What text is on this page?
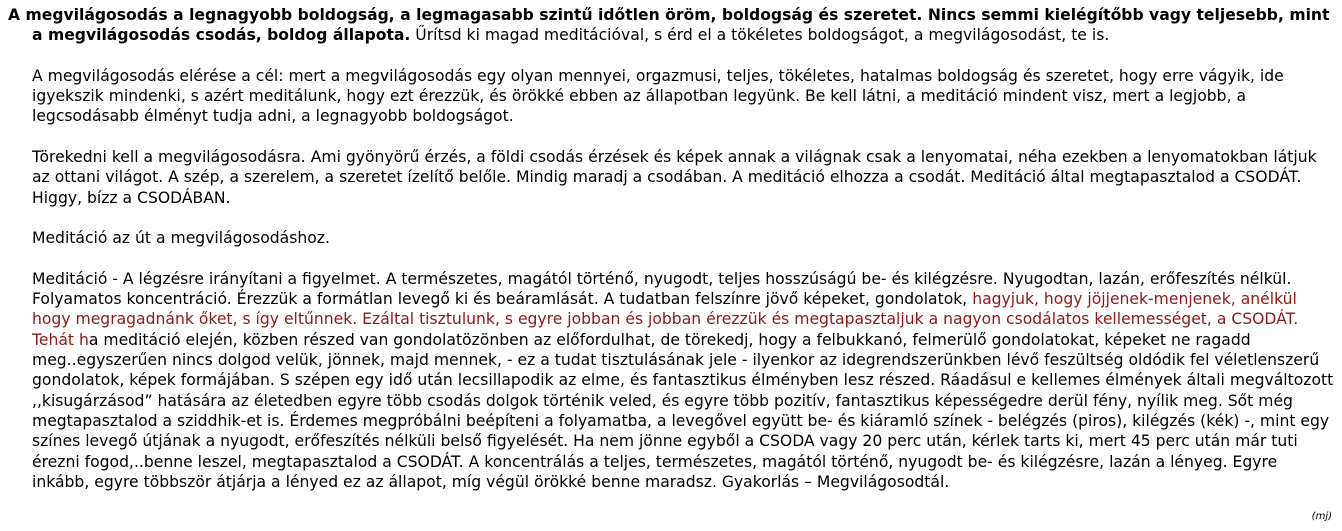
A megvilágosodás a legnagyobb boldogság, a legmagasabb szintű időtlen öröm, boldogság és szeretet. Nincs semmi kielégítőbb vagy teljesebb, mint a megvilágosodás csodás, boldog állapota. Űrítsd ki magad meditációval, s érd el a tökéletes boldogságot, a megvilágosodást, te is.

A megvilágosodás elérése a cél: mert a megvilágosodás egy olyan mennyei, orgazmusi, teljes, tökéletes, hatalmas boldogság és szeretet, hogy erre vágyik, ide igyekszik mindenki, s azért meditálunk, hogy ezt érezzük, és örökké ebben az állapotban legyünk. Be kell látni, a meditáció mindent visz, mert a legjobb, a legcsodásabb élményt tudja adni, a legnagyobb boldogságot.

Törekedni kell a megvilágosodásra. Ami gyönyörű érzés, a földi csodás érzések és képek annak a világnak csak a lenyomatai, néha ezekben a lenyomatokban látjuk az ottani világot. A szép, a szerelem, a szeretet ízelítő belőle. Mindig maradj a csodában. A meditáció elhozza a csodát. Meditáció által megtapasztalod a CSODÁT. Higgy, bízz a CSODÁBAN.

Meditáció az út a megvilágosodáshoz.

Meditáció - A légzésre irányítani a figyelmet. A természetes, magától történő, nyugodt, teljes hosszúságú be- és kilégzésre. Nyugodtan, lazán, erőfeszítés nélkül. Folyamatos koncentráció. Érezzük a formátlan levegő ki és beáramlását. A tudatban felszínre jövő képeket, gondolatok, hagyjuk, hogy jöjjenek-menjenek, anélkül hogy megragadnánk őket, s így eltűnnek. Ezáltal tisztulunk, s egyre jobban és jobban érezzük és megtapasztaljuk a nagyon csodálatos kellemességet, a CSODÁT. Tehát ha meditáció elején, közben részed van gondolatözönben az előfordulhat, de törekedj, hogy a felbukkanó, felmerülő gondolatokat, képeket ne ragadd meg..egyszerűen nincs dolgod velük, jönnek, majd mennek, - ez a tudat tisztulásának jele - ilyenkor az idegrendszerünkben lévő feszültség oldódik fel véletlenszerű gondolatok, képek formájában. S szépen egy idő után lecsillapodik az elme, és fantasztikus élményben lesz részed. Ráadásul e kellemes élmények általi megváltozott ,,kisugárzásod” hatására az életedben egyre több csodás dolgok történik veled, és egyre több pozitív, fantasztikus képességedre derül fény, nyílik meg. Sőt még megtapasztalod a sziddhik-et is. Érdemes megpróbálni beépíteni a folyamatba, a levegővel együtt be- és kiáramló színek - belégzés (piros), kilégzés (kék) -, mint egy színes levegő útjának a nyugodt, erőfeszítés nélküli belső figyelését. Ha nem jönne egyből a CSODA vagy 20 perc után, kérlek tarts ki, mert 45 perc után már tuti érezni fogod,..benne leszel, megtapasztalod a CSODÁT. A koncentrálás a teljes, természetes, magától történő, nyugodt be- és kilégzésre, lazán a lényeg. Egyre inkább, egyre többször átjárja a lényed ez az állapot, míg végül örökké benne maradsz. Gyakorlás – Megvilágosodtál.

(mj)
